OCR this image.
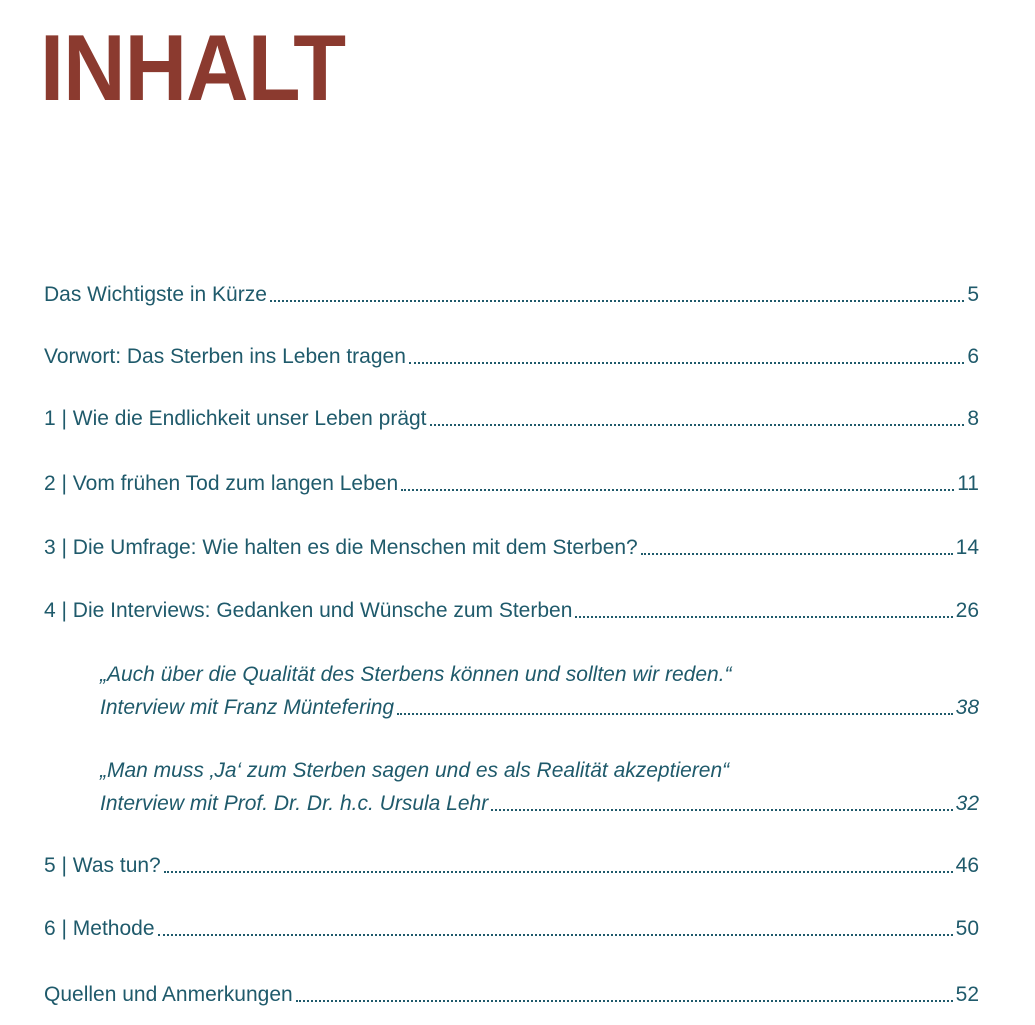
INHALT
Das Wichtigste in Kürze	5
Vorwort: Das Sterben ins Leben tragen	6
1 | Wie die Endlichkeit unser Leben prägt	8
2 | Vom frühen Tod zum langen Leben	11
3 | Die Umfrage: Wie halten es die Menschen mit dem Sterben?	14
4 | Die Interviews: Gedanken und Wünsche zum Sterben	26
„Auch über die Qualität des Sterbens können und sollten wir reden.“
Interview mit Franz Müntefering	38
„Man muss ‚Ja‘ zum Sterben sagen und es als Realität akzeptieren“
Interview mit Prof. Dr. Dr. h.c. Ursula Lehr	32
5 | Was tun?	46
6 | Methode	50
Quellen und Anmerkungen	52
